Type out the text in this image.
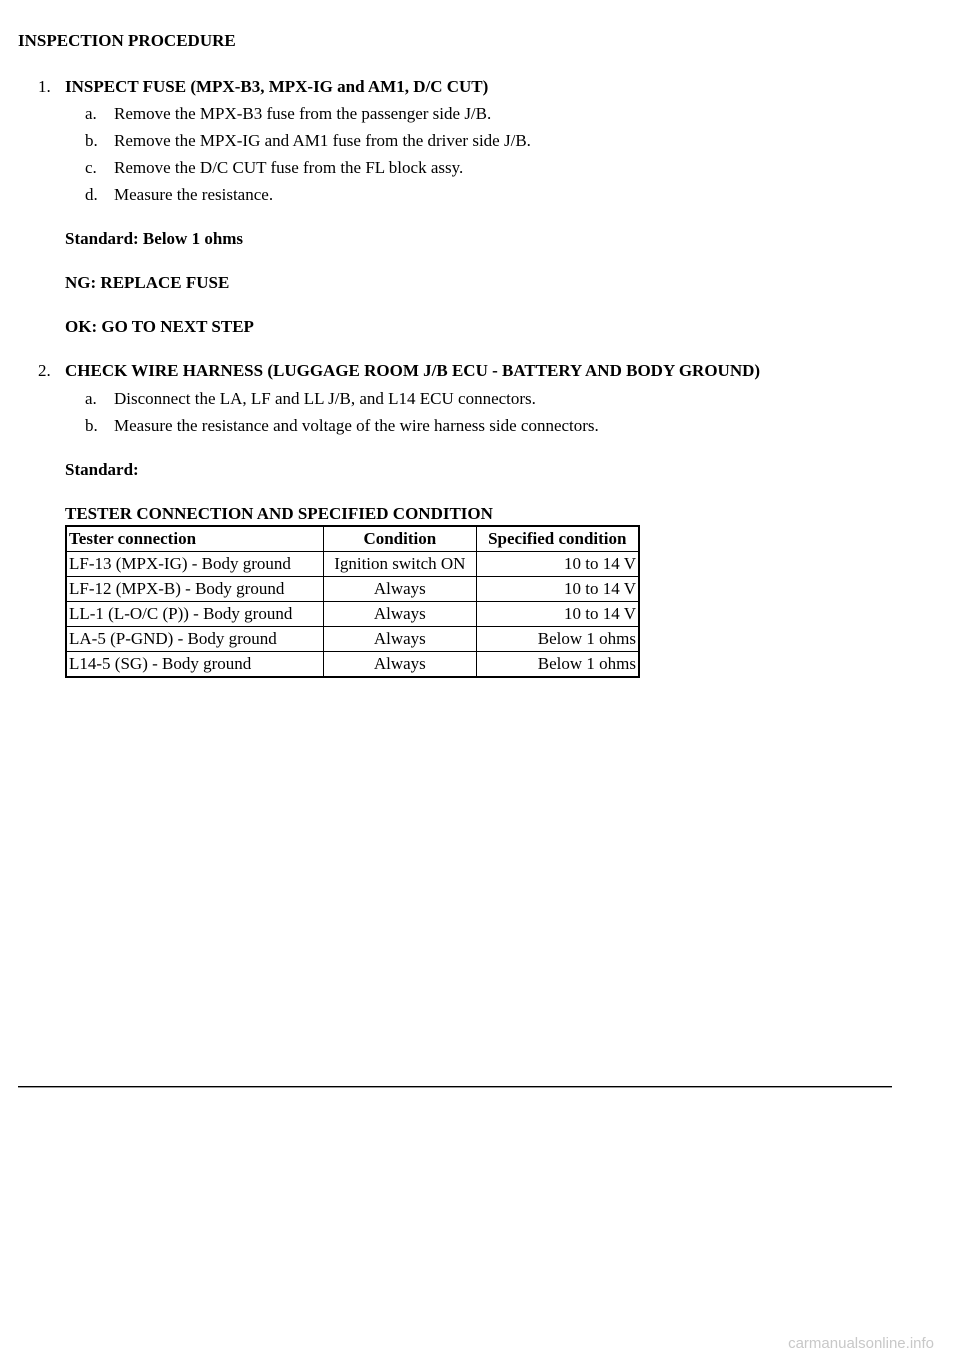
INSPECTION PROCEDURE
1. INSPECT FUSE (MPX-B3, MPX-IG and AM1, D/C CUT)
a.	Remove the MPX-B3 fuse from the passenger side J/B.
b. Remove the MPX-IG and AM1 fuse from the driver side J/B.
c.	Remove the D/C CUT fuse from the FL block assy.
d. Measure the resistance.
Standard: Below 1 ohms
NG: REPLACE FUSE
OK: GO TO NEXT STEP
2. CHECK WIRE HARNESS (LUGGAGE ROOM J/B ECU - BATTERY AND BODY GROUND)
a.	Disconnect the LA, LF and LL J/B, and L14 ECU connectors.
b. Measure the resistance and voltage of the wire harness side connectors.
Standard:
TESTER CONNECTION AND SPECIFIED CONDITION
Tester connection	Condition	Specified condition
LF-13 (MPX-IG) - Body ground	Ignition switch ON	10 to 14 V
LF-12 (MPX-B) - Body ground	Always	10 to 14 V
LL-1 (L-O/C (P)) - Body ground	Always	10 to 14 V
LA-5 (P-GND) - Body ground	Always	Below 1 ohms
L14-5 (SG) - Body ground	Always	Below 1 ohms
carmanualsonline.info
